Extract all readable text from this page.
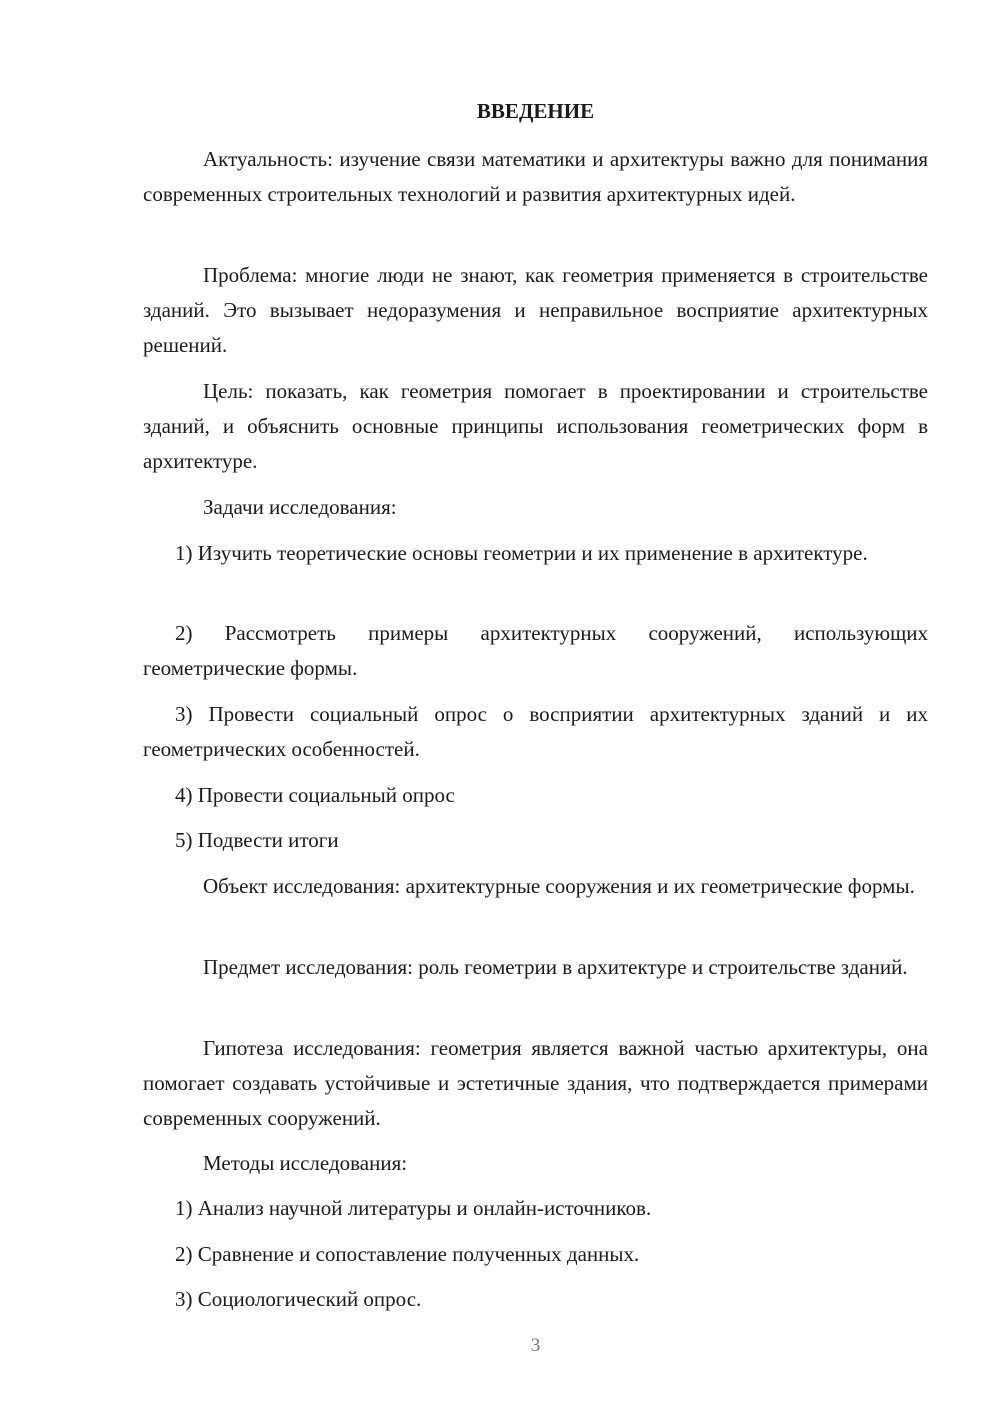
ВВЕДЕНИЕ

Актуальность: изучение связи математики и архитектуры важно для понимания современных строительных технологий и развития архитектурных идей.

Проблема: многие люди не знают, как геометрия применяется в строительстве зданий. Это вызывает недоразумения и неправильное восприятие архитектурных решений.

Цель: показать, как геометрия помогает в проектировании и строительстве зданий, и объяснить основные принципы использования геометрических форм в архитектуре.

Задачи исследования:

1) Изучить теоретические основы геометрии и их применение в архитектуре.

2) Рассмотреть примеры архитектурных сооружений, использующих геометрические формы.

3) Провести социальный опрос о восприятии архитектурных зданий и их геометрических особенностей.

4) Провести социальный опрос

5) Подвести итоги

Объект исследования: архитектурные сооружения и их геометрические формы.

Предмет исследования: роль геометрии в архитектуре и строительстве зданий.

Гипотеза исследования: геометрия является важной частью архитектуры, она помогает создавать устойчивые и эстетичные здания, что подтверждается примерами современных сооружений.

Методы исследования:

1) Анализ научной литературы и онлайн-источников.

2) Сравнение и сопоставление полученных данных.

3) Социологический опрос.

3
